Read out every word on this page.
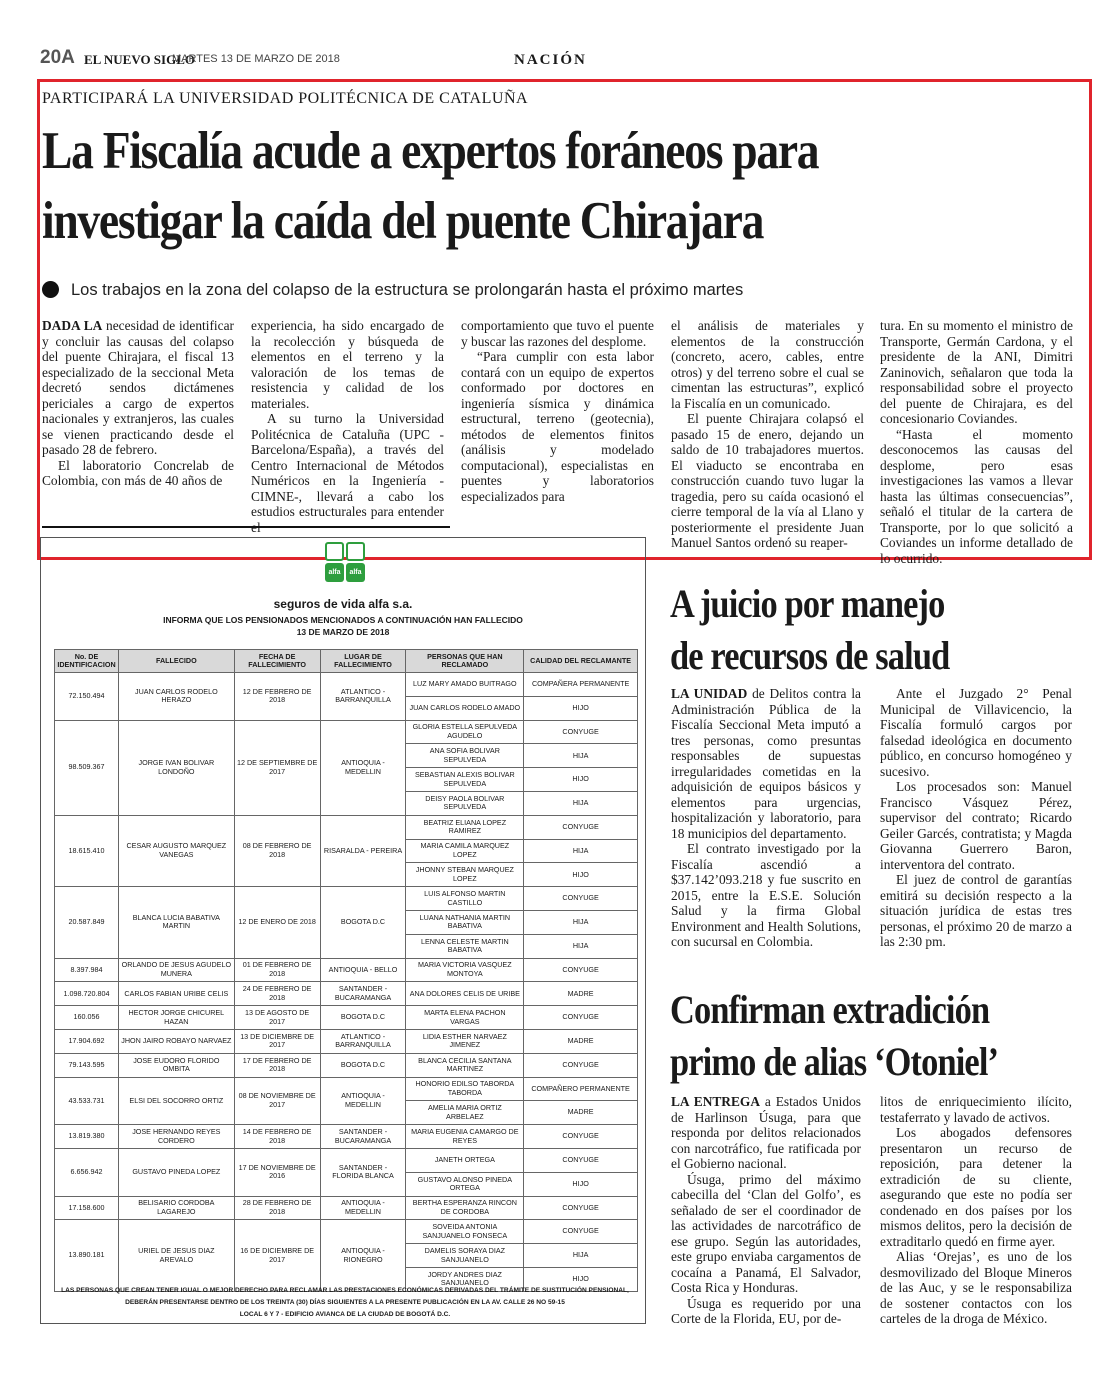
20A EL NUEVO SIGLO
MARTES 13 DE MARZO DE 2018	NACIÓN
PARTICIPARÁ LA UNIVERSIDAD POLITÉCNICA DE CATALUÑA
La Fiscalía acude a expertos foráneos para
investigar la caída del puente Chirajara
Los trabajos en la zona del colapso de la estructura se prolongarán hasta el próximo martes

DADA LA necesidad de identificar y concluir las causas del colapso del puente Chirajara, el fiscal 13 especializado de la seccional Meta decretó sendos dictámenes periciales a cargo de expertos nacionales y extranjeros, las cuales se vienen practicando desde el pasado 28 de febrero.

El laboratorio Concrelab de Colombia, con más de 40 años de

experiencia, ha sido encargado de la recolección y búsqueda de elementos en el terreno y la valoración de los temas de resistencia y calidad de los materiales.

A su turno la Universidad Politécnica de Cataluña (UPC - Barcelona/España), a través del Centro Internacional de Métodos Numéricos en la Ingeniería -CIMNE-, llevará a cabo los estudios estructurales para entender

comportamiento que tuvo el puente y buscar las razones del desplome.

“Para cumplir con esta labor contará con un equipo de expertos conformado por doctores en ingeniería sísmica y dinámica estructural, terreno (geotecnia), métodos de elementos finitos (análisis y modelado computacional), especialistas en puentes y laboratorios especializados para

el análisis de materiales y elementos de la construcción (concreto, acero, cables, entre otros) y del terreno sobre el cual se cimentan las estructuras”, explicó la Fiscalía en un comunicado.

El puente Chirajara colapsó el pasado 15 de enero, dejando un saldo de 10 trabajadores muertos. El viaducto se encontraba en construcción cuando tuvo lugar la tragedia, pero su caída ocasionó el cierre temporal de la vía al Llano y posteriormente el presidente Juan Manuel Santos ordenó su reaper-

tura. En su momento el ministro de Transporte, Germán Cardona, y el presidente de la ANI, Dimitri Zaninovich, señalaron que toda la responsabilidad sobre el proyecto del puente de Chirajara, es del concesionario Coviandes.

“Hasta el momento desconocemos las causas del desplome, pero esas investigaciones las vamos a llevar hasta las últimas consecuencias”, señaló el titular de la cartera de Transporte, por lo que solicitó a Coviandes un informe detallado de lo ocurrido.

alfa	alfa
seguros de vida alfa s.a.
INFORMA QUE LOS PENSIONADOS MENCIONADOS A CONTINUACIÓN HAN FALLECIDO
13 DE MARZO DE 2018
No. DE IDENTIFICACION	FALLECIDO	FECHA DE FALLECIMIENTO	LUGAR DE FALLECIMIENTO	PERSONAS QUE HAN RECLAMADO	CALIDAD DEL RECLAMANTE
72.150.494	JUAN CARLOS RODELO HERAZO	12 DE FEBRERO DE 2018	ATLANTICO - BARRANQUILLA	LUZ MARY AMADO BUITRAGO	COMPAÑERA PERMANENTE
				JUAN CARLOS RODELO AMADO	HIJO
98.509.367	JORGE IVAN BOLIVAR LONDOÑO	12 DE SEPTIEMBRE DE 2017	ANTIOQUIA - MEDELLIN	GLORIA ESTELLA SEPULVEDA AGUDELO	CONYUGE
				ANA SOFIA BOLIVAR SEPULVEDA	HIJA
				SEBASTIAN ALEXIS BOLIVAR SEPULVEDA	HIJO
				DEISY PAOLA BOLIVAR SEPULVEDA	HIJA
18.615.410	CESAR AUGUSTO MARQUEZ VANEGAS	08 DE FEBRERO DE 2018	RISARALDA - PEREIRA	BEATRIZ ELIANA LOPEZ RAMIREZ	CONYUGE
				MARIA CAMILA MARQUEZ LOPEZ	HIJA
				JHONNY STEBAN MARQUEZ LOPEZ	HIJO
20.587.849	BLANCA LUCIA BABATIVA MARTIN	12 DE ENERO DE 2018	BOGOTA D.C	LUIS ALFONSO MARTIN CASTILLO	CONYUGE
				LUANA NATHANIA MARTIN BABATIVA	HIJA
				LENNA CELESTE MARTIN BABATIVA	HIJA
8.397.984	ORLANDO DE JESUS AGUDELO MUNERA	01 DE FEBRERO DE 2018	ANTIOQUIA - BELLO	MARIA VICTORIA VASQUEZ MONTOYA	CONYUGE
1.098.720.804	CARLOS FABIAN URIBE CELIS	24 DE FEBRERO DE 2018	SANTANDER - BUCARAMANGA	ANA DOLORES CELIS DE URIBE	MADRE
160.056	HECTOR JORGE CHICUREL HAZAN	13 DE AGOSTO DE 2017	BOGOTA D.C	MARTA ELENA PACHON VARGAS	CONYUGE
17.904.692	JHON JAIRO ROBAYO NARVAEZ	13 DE DICIEMBRE DE 2017	ATLANTICO - BARRANQUILLA	LIDIA ESTHER NARVAEZ JIMENEZ	MADRE
79.143.595	JOSE EUDORO FLORIDO OMBITA	17 DE FEBRERO DE 2018	BOGOTA D.C	BLANCA CECILIA SANTANA MARTINEZ	CONYUGE
43.533.731	ELSI DEL SOCORRO ORTIZ	08 DE NOVIEMBRE DE 2017	ANTIOQUIA - MEDELLIN	HONORIO EDILSO TABORDA TABORDA	COMPAÑERO PERMANENTE
				AMELIA MARIA ORTIZ ARBELAEZ	MADRE
13.819.380	JOSE HERNANDO REYES CORDERO	14 DE FEBRERO DE 2018	SANTANDER - BUCARAMANGA	MARIA EUGENIA CAMARGO DE REYES	CONYUGE
6.656.942	GUSTAVO PINEDA LOPEZ	17 DE NOVIEMBRE DE 2016	SANTANDER - FLORIDA BLANCA	JANETH ORTEGA	CONYUGE
				GUSTAVO ALONSO PINEDA ORTEGA	HIJO
17.158.600	BELISARIO CORDOBA LAGAREJO	28 DE FEBRERO DE 2018	ANTIOQUIA - MEDELLIN	BERTHA ESPERANZA RINCON DE CORDOBA	CONYUGE
13.890.181	URIEL DE JESUS DIAZ AREVALO	16 DE DICIEMBRE DE 2017	ANTIOQUIA - RIONEGRO	SOVEIDA ANTONIA SANJUANELO FONSECA	CONYUGE
				DAMELIS SORAYA DIAZ SANJUANELO	HIJA
				JORDY ANDRES DIAZ SANJUANELO	HIJO
LAS PERSONAS QUE CREAN TENER IGUAL O MEJOR DERECHO PARA RECLAMAR LAS PRESTACIONES ECONÓMICAS DERIVADAS DEL TRÁMITE DE SUSTITUCIÓN PENSIONAL,
DEBERÁN PRESENTARSE DENTRO DE LOS TREINTA (30) DÍAS SIGUIENTES A LA PRESENTE PUBLICACIÓN EN LA AV. CALLE 26 NO 59-15
LOCAL 6 Y 7 - EDIFICIO AVIANCA DE LA CIUDAD DE BOGOTÁ D.C.
A juicio por manejo
de recursos de salud

LA UNIDAD de Delitos contra la Administración Pública de la Fiscalía Seccional Meta imputó a tres personas, como presuntas responsables de supuestas irregularidades cometidas en la adquisición de equipos básicos y elementos para urgencias, hospitalización y laboratorio, para 18 municipios del departamento.

El contrato investigado por la Fiscalía ascendió a $37.142’093.218 y fue suscrito en 2015, entre la E.S.E. Solución Salud y la firma Global Environment and Health Solutions, con sucursal en Colombia.

Ante el Juzgado 2° Penal Municipal de Villavicencio, la Fiscalía formuló cargos por falsedad ideológica en documento público, en concurso homogéneo y sucesivo.

Los procesados son: Manuel Francisco Vásquez Pérez, supervisor del contrato; Ricardo Geiler Garcés, contratista; y Magda Giovanna Guerrero Baron, interventora del contrato.

El juez de control de garantías emitirá su decisión respecto a la situación jurídica de estas tres personas, el próximo 20 de marzo a las 2:30 pm.

Confirman extradición
primo de alias ‘Otoniel’

LA ENTREGA a Estados Unidos de Harlinson Úsuga, para que responda por delitos relacionados con narcotráfico, fue ratificada por el Gobierno nacional.

Úsuga, primo del máximo cabecilla del ‘Clan del Golfo’, es señalado de ser el coordinador de las actividades de narcotráfico de ese grupo. Según las autoridades, este grupo enviaba cargamentos de cocaína a Panamá, El Salvador, Costa Rica y Honduras.

Úsuga es requerido por una Corte de la Florida, EU, por de-

litos de enriquecimiento ilícito, testaferrato y lavado de activos.

Los abogados defensores presentaron un recurso de reposición, para detener la extradición de su cliente, asegurando que este no podía ser condenado en dos países por los mismos delitos, pero la decisión de extraditarlo quedó en firme ayer.

Alias ‘Orejas’, es uno de los desmovilizado del Bloque Mineros de las Auc, y se le responsabiliza de sostener contactos con los carteles de la droga de México.
